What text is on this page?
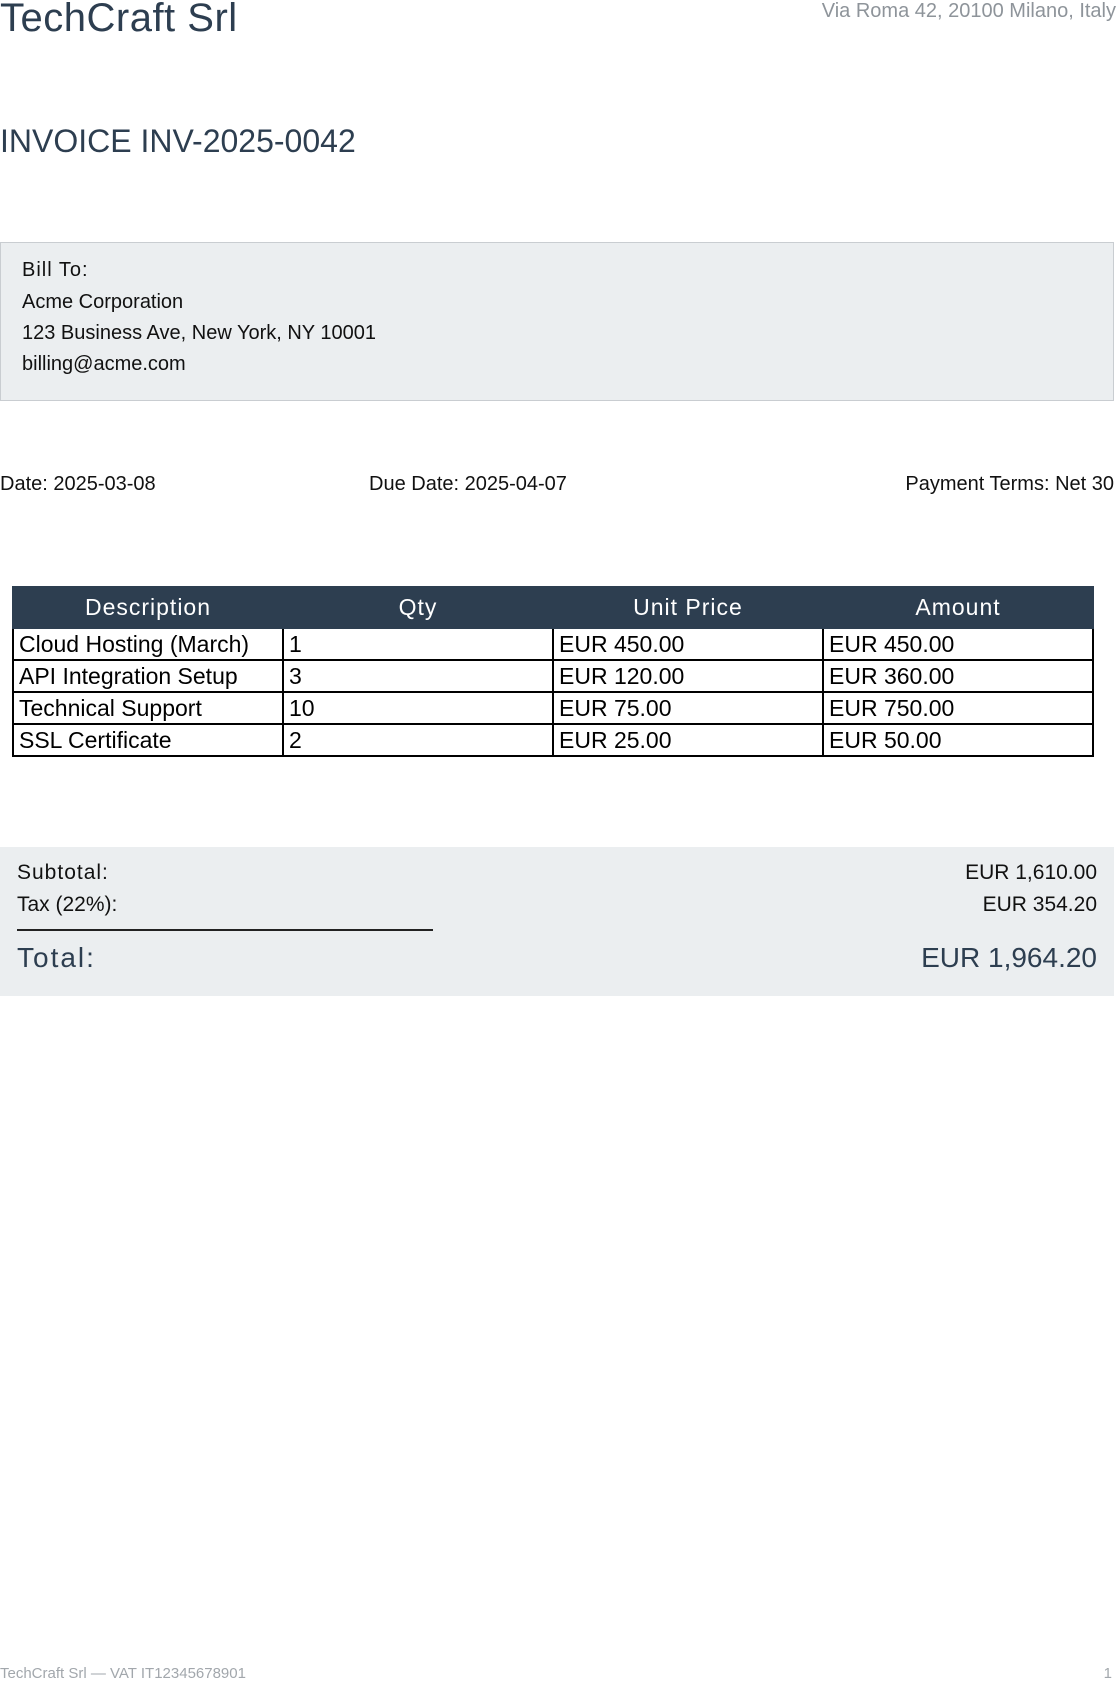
TechCraft Srl	Via Roma 42, 20100 Milano, Italy
INVOICE INV-2025-0042
Bill To:
Acme Corporation
123 Business Ave, New York, NY 10001
billing@acme.com
Date: 2025-03-08	Due Date: 2025-04-07	Payment Terms: Net 30
Description	Qty	Unit Price	Amount
Cloud Hosting (March)	1	EUR 450.00	EUR 450.00
API Integration Setup	3	EUR 120.00	EUR 360.00
Technical Support	10	EUR 75.00	EUR 750.00
SSL Certificate	2	EUR 25.00	EUR 50.00
Subtotal:	EUR 1,610.00
Tax (22%):	EUR 354.20
Total:	EUR 1,964.20
TechCraft Srl — VAT IT12345678901	1
